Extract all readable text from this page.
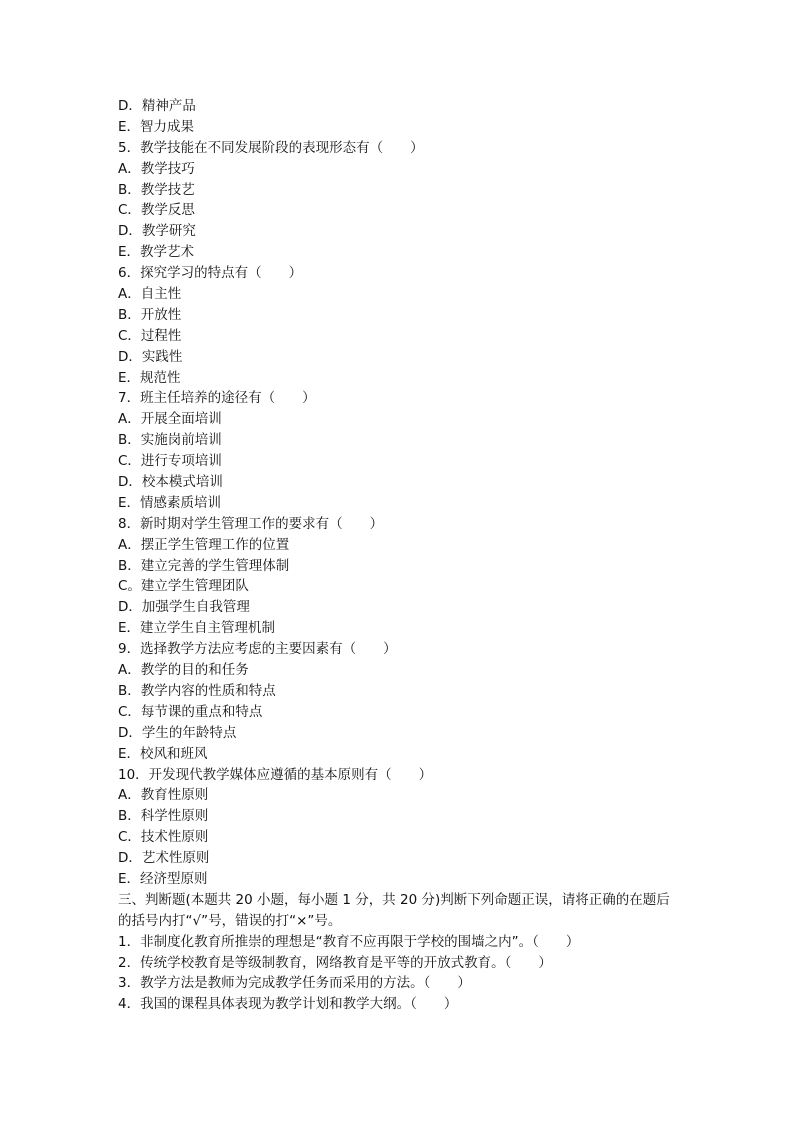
D．精神产品
E．智力成果
5．教学技能在不同发展阶段的表现形态有（　　）
A．教学技巧
B．教学技艺
C．教学反思
D．教学研究
E．教学艺术
6．探究学习的特点有（　　）
A．自主性
B．开放性
C．过程性
D．实践性
E．规范性
7．班主任培养的途径有（　　）
A．开展全面培训
B．实施岗前培训
C．进行专项培训
D．校本模式培训
E．情感素质培训
8．新时期对学生管理工作的要求有（　　）
A．摆正学生管理工作的位置
B．建立完善的学生管理体制
C。建立学生管理团队
D．加强学生自我管理
E．建立学生自主管理机制
9．选择教学方法应考虑的主要因素有（　　）
A．教学的目的和任务
B．教学内容的性质和特点
C．每节课的重点和特点
D．学生的年龄特点
E．校风和班风
10．开发现代教学媒体应遵循的基本原则有（　　）
A．教育性原则
B．科学性原则
C．技术性原则
D．艺术性原则
E．经济型原则
三、判断题(本题共 20 小题，每小题 1 分，共 20 分)判断下列命题正误，请将正确的在题后的括号内打“√”号，错误的打“×”号。
1．非制度化教育所推崇的理想是“教育不应再限于学校的围墙之内”。（　　）
2．传统学校教育是等级制教育，网络教育是平等的开放式教育。（　　）
3．教学方法是教师为完成教学任务而采用的方法。（　　）
4．我国的课程具体表现为教学计划和教学大纲。（　　）
